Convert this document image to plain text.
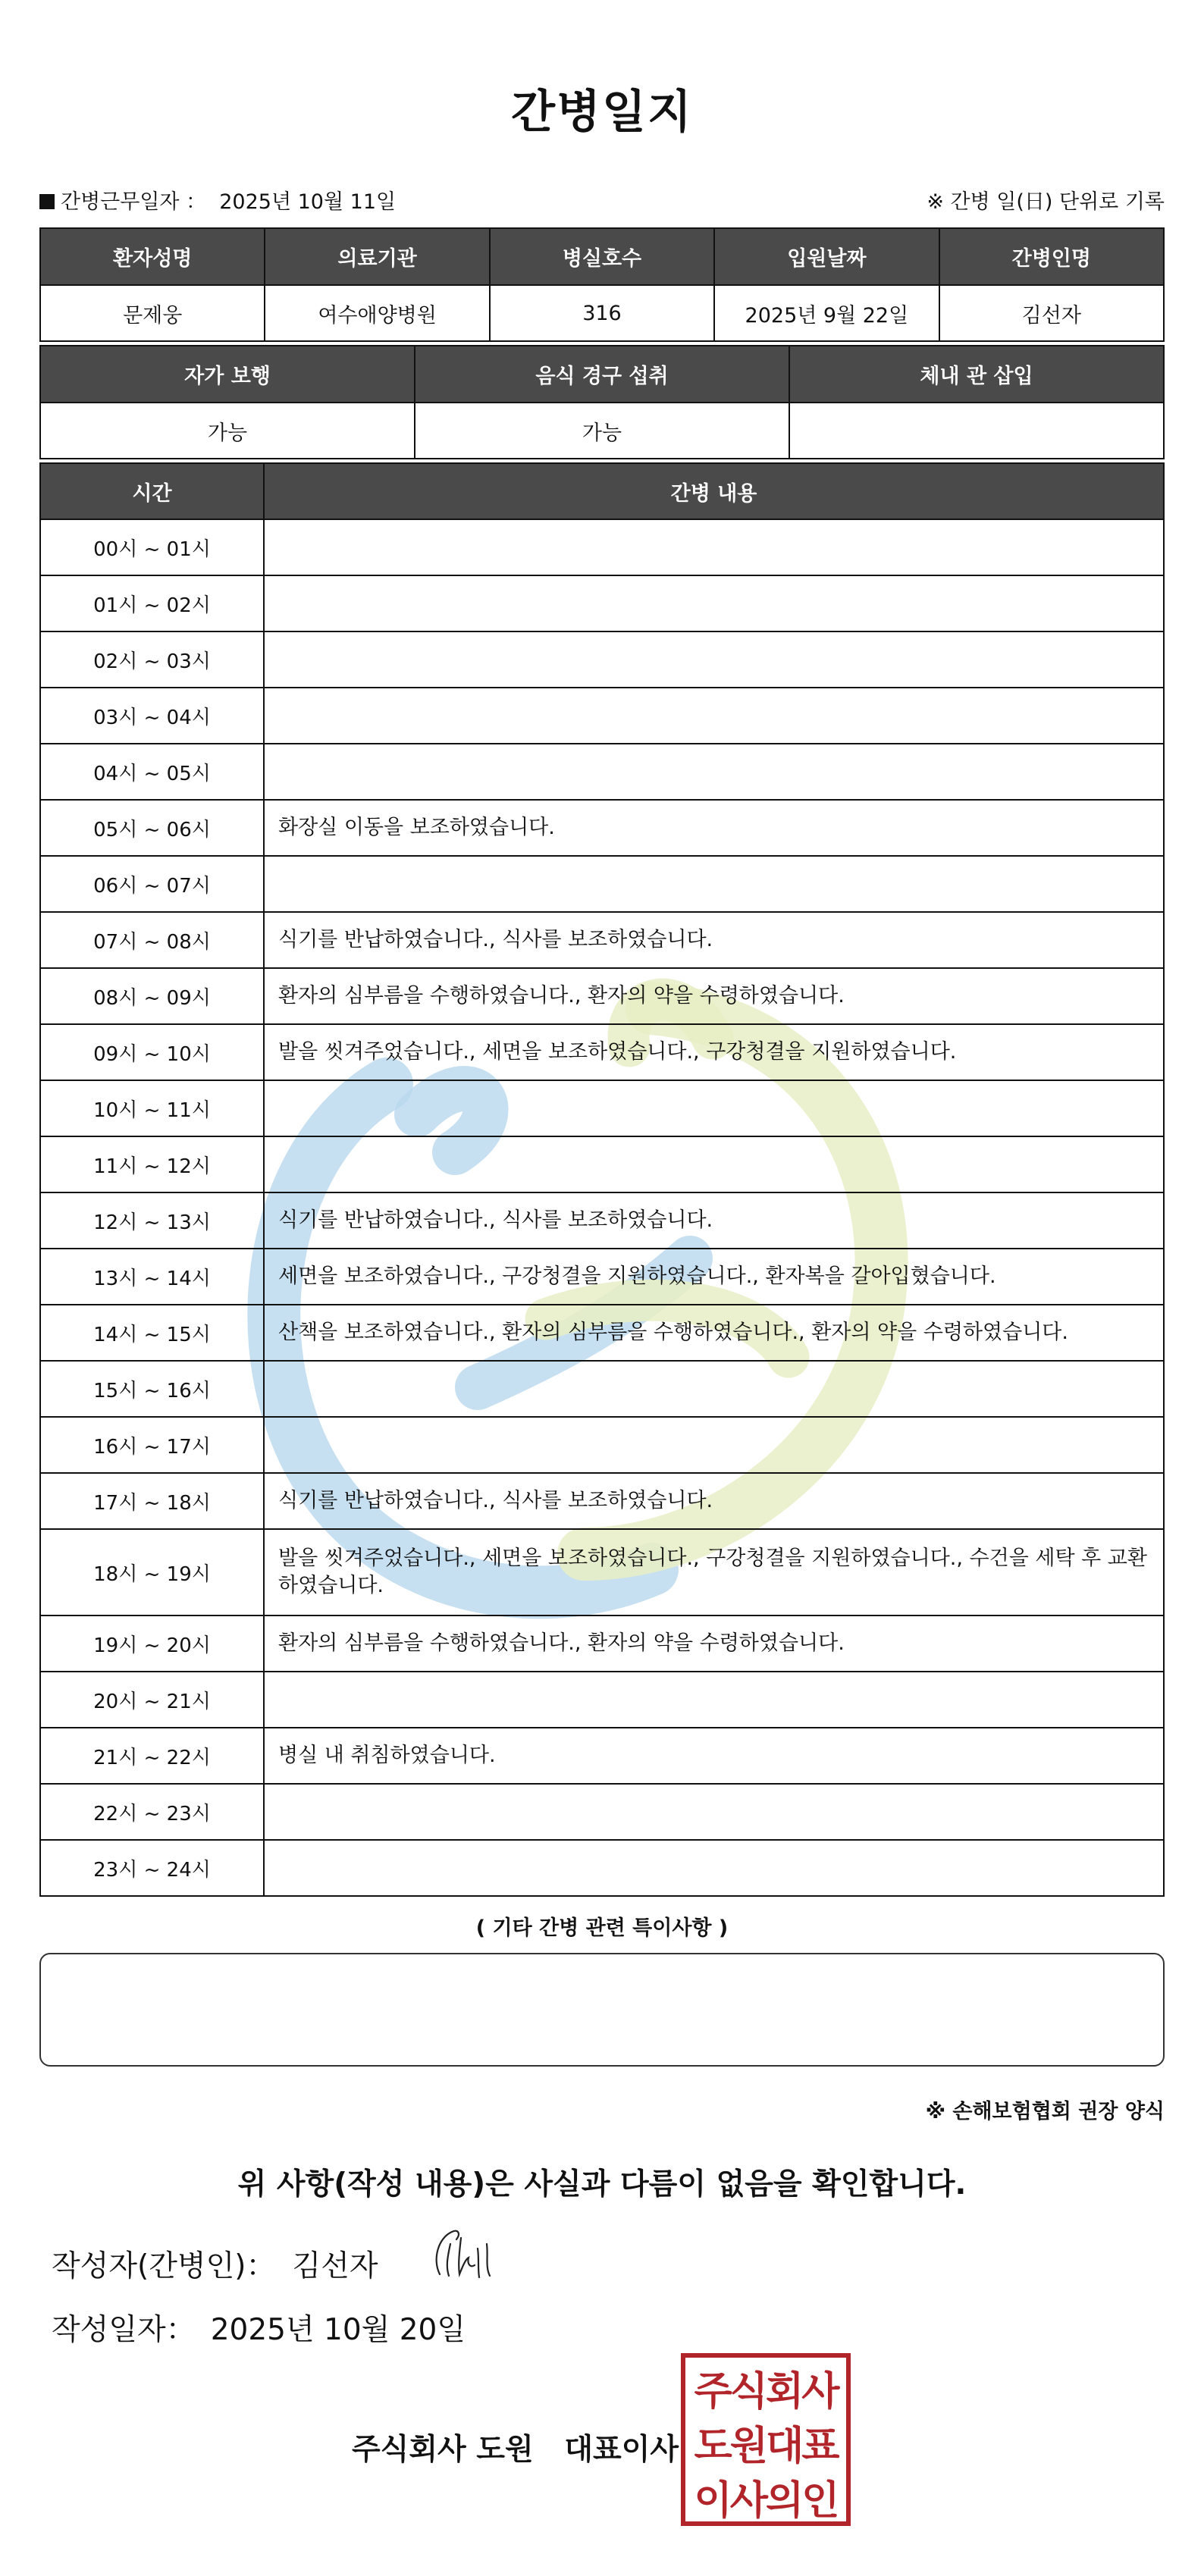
간병일지
간병근무일자 ： 2025년 10월 11일	※ 간병 일(日) 단위로 기록
환자성명	의료기관	병실호수	입원날짜	간병인명
문제웅	여수애양병원	316	2025년 9월 22일	김선자
자가 보행	음식 경구 섭취	체내 관 삽입
가능	가능	
시간	간병 내용
00시 ~ 01시	
01시 ~ 02시	
02시 ~ 03시	
03시 ~ 04시	
04시 ~ 05시	
05시 ~ 06시	화장실 이동을 보조하였습니다.
06시 ~ 07시	
07시 ~ 08시	식기를 반납하였습니다., 식사를 보조하였습니다.
08시 ~ 09시	환자의 심부름을 수행하였습니다., 환자의 약을 수령하였습니다.
09시 ~ 10시	발을 씻겨주었습니다., 세면을 보조하였습니다., 구강청결을 지원하였습니다.
10시 ~ 11시	
11시 ~ 12시	
12시 ~ 13시	식기를 반납하였습니다., 식사를 보조하였습니다.
13시 ~ 14시	세면을 보조하였습니다., 구강청결을 지원하였습니다., 환자복을 갈아입혔습니다.
14시 ~ 15시	산책을 보조하였습니다., 환자의 심부름을 수행하였습니다., 환자의 약을 수령하였습니다.
15시 ~ 16시	
16시 ~ 17시	
17시 ~ 18시	식기를 반납하였습니다., 식사를 보조하였습니다.
18시 ~ 19시	발을 씻겨주었습니다., 세면을 보조하였습니다., 구강청결을 지원하였습니다., 수건을 세탁 후 교환하였습니다.
19시 ~ 20시	환자의 심부름을 수행하였습니다., 환자의 약을 수령하였습니다.
20시 ~ 21시	
21시 ~ 22시	병실 내 취침하였습니다.
22시 ~ 23시	
23시 ~ 24시	
( 기타 간병 관련 특이사항 )
※ 손해보험협회 권장 양식
위 사항(작성 내용)은 사실과 다름이 없음을 확인합니다.
작성자(간병인)： 김선자
작성일자： 2025년 10월 20일
주식회사 도원   대표이사
주식회사
도원대표
이사의인
